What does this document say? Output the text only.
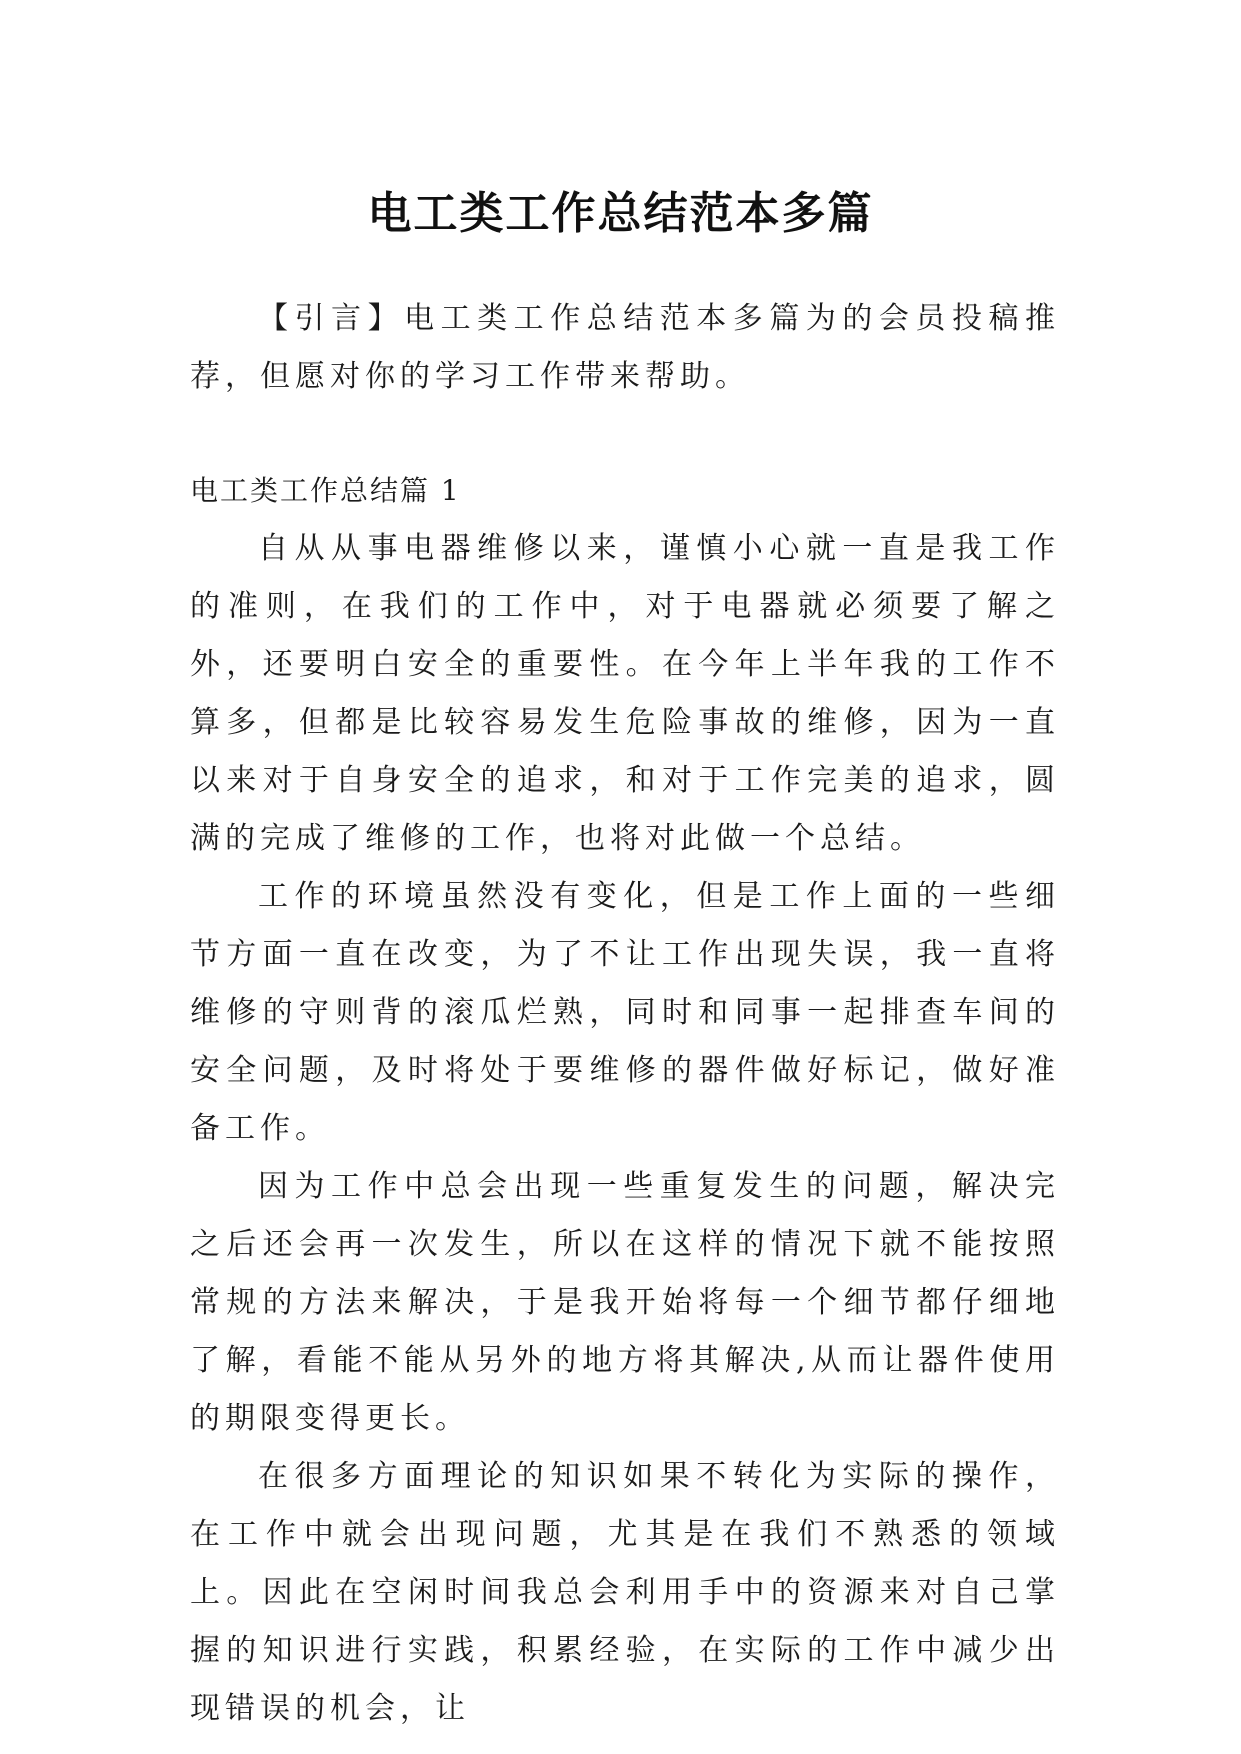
电工类工作总结范本多篇

【引言】电工类工作总结范本多篇为的会员投稿推荐，但愿对你的学习工作带来帮助。

电工类工作总结篇 1

自从从事电器维修以来，谨慎小心就一直是我工作的准则，在我们的工作中，对于电器就必须要了解之外，还要明白安全的重要性。在今年上半年我的工作不算多，但都是比较容易发生危险事故的维修，因为一直以来对于自身安全的追求，和对于工作完美的追求，圆满的完成了维修的工作，也将对此做一个总结。

工作的环境虽然没有变化，但是工作上面的一些细节方面一直在改变，为了不让工作出现失误，我一直将维修的守则背的滚瓜烂熟，同时和同事一起排查车间的安全问题，及时将处于要维修的器件做好标记，做好准备工作。

因为工作中总会出现一些重复发生的问题，解决完之后还会再一次发生，所以在这样的情况下就不能按照常规的方法来解决，于是我开始将每一个细节都仔细地了解，看能不能从另外的地方将其解决,从而让器件使用的期限变得更长。

在很多方面理论的知识如果不转化为实际的操作，在工作中就会出现问题，尤其是在我们不熟悉的领域上。因此在空闲时间我总会利用手中的资源来对自己掌握的知识进行实践，积累经验，在实际的工作中减少出现错误的机会，让
